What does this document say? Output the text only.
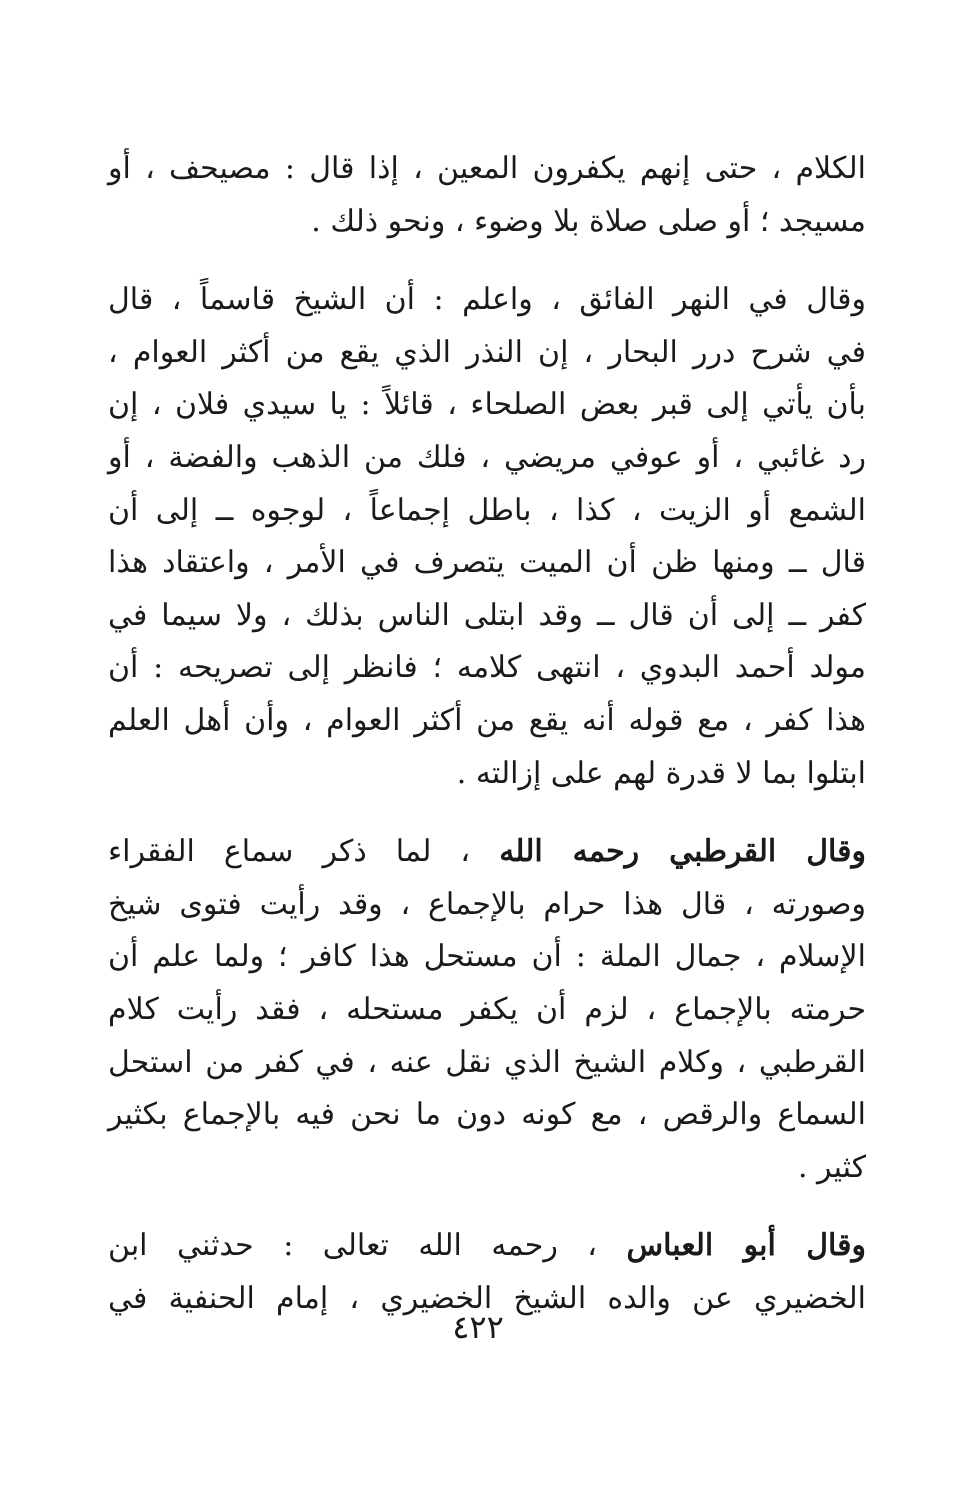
الكلام ، حتى إنهم يكفرون المعين ، إذا قال : مصيحف ، أو
مسيجد ؛ أو صلى صلاة بلا وضوء ، ونحو ذلك .

وقال في النهر الفائق ، واعلم : أن الشيخ قاسماً ، قال
في شرح درر البحار ، إن النذر الذي يقع من أكثر العوام ،
بأن يأتي إلى قبر بعض الصلحاء ، قائلاً : يا سيدي فلان ، إن
رد غائبي ، أو عوفي مريضي ، فلك من الذهب والفضة ، أو
الشمع أو الزيت ، كذا ، باطل إجماعاً ، لوجوه ــ إلى أن
قال ــ ومنها ظن أن الميت يتصرف في الأمر ، واعتقاد هذا
كفر ــ إلى أن قال ــ وقد ابتلى الناس بذلك ، ولا سيما في
مولد أحمد البدوي ، انتهى كلامه ؛ فانظر إلى تصريحه : أن
هذا كفر ، مع قوله أنه يقع من أكثر العوام ، وأن أهل العلم
ابتلوا بما لا قدرة لهم على إزالته .

وقال القرطبي رحمه الله ، لما ذكر سماع الفقراء
وصورته ، قال هذا حرام بالإجماع ، وقد رأيت فتوى شيخ
الإسلام ، جمال الملة : أن مستحل هذا كافر ؛ ولما علم أن
حرمته بالإجماع ، لزم أن يكفر مستحله ، فقد رأيت كلام
القرطبي ، وكلام الشيخ الذي نقل عنه ، في كفر من استحل
السماع والرقص ، مع كونه دون ما نحن فيه بالإجماع بكثير
كثير .

وقال أبو العباس ، رحمه الله تعالى : حدثني ابن
الخضيري عن والده الشيخ الخضيري ، إمام الحنفية في

٤٢٢
